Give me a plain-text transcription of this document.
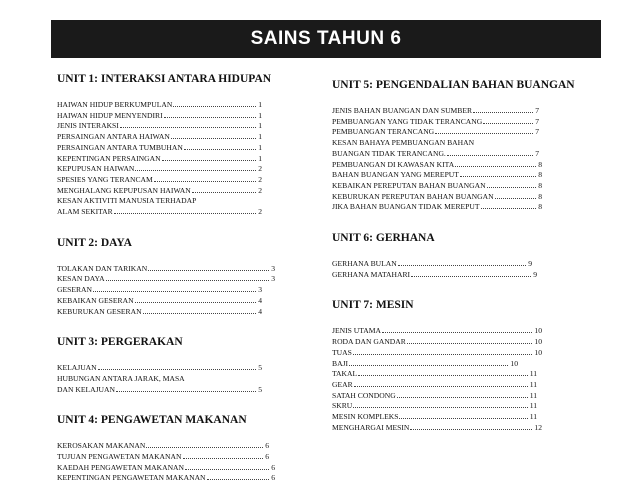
SAINS TAHUN 6
UNIT 1: INTERAKSI ANTARA HIDUPAN
HAIWAN HIDUP BERKUMPULAN	1
HAIWAN HIDUP MENYENDIRI	1
JENIS INTERAKSI	1
PERSAINGAN ANTARA HAIWAN	1
PERSAINGAN ANTARA TUMBUHAN	1
KEPENTINGAN PERSAINGAN	1
KEPUPUSAN HAIWAN	2
SPESIES YANG TERANCAM	2
MENGHALANG KEPUPUSAN HAIWAN	2
KESAN AKTIVITI MANUSIA TERHADAP
ALAM SEKITAR	2
UNIT 2: DAYA
TOLAKAN DAN TARIKAN	3
KESAN DAYA	3
GESERAN	3
KEBAIKAN GESERAN	4
KEBURUKAN GESERAN	4
UNIT 3: PERGERAKAN
KELAJUAN	5
HUBUNGAN ANTARA JARAK, MASA
DAN KELAJUAN	5
UNIT 4: PENGAWETAN MAKANAN
KEROSAKAN MAKANAN	6
TUJUAN PENGAWETAN MAKANAN	6
KAEDAH PENGAWETAN MAKANAN	6
KEPENTINGAN PENGAWETAN MAKANAN	6
UNIT 5: PENGENDALIAN BAHAN BUANGAN
JENIS BAHAN BUANGAN DAN SUMBER	7
PEMBUANGAN YANG TIDAK TERANCANG	7
PEMBUANGAN TERANCANG	7
KESAN BAHAYA PEMBUANGAN BAHAN
BUANGAN TIDAK TERANCANG.	7
PEMBUANGAN DI KAWASAN KITA	8
BAHAN BUANGAN YANG MEREPUT	8
KEBAIKAN PEREPUTAN BAHAN BUANGAN	8
KEBURUKAN PEREPUTAN BAHAN BUANGAN	8
JIKA BAHAN BUANGAN TIDAK MEREPUT	8
UNIT 6: GERHANA
GERHANA BULAN	9
GERHANA MATAHARI	9
UNIT 7: MESIN
JENIS UTAMA	10
RODA DAN GANDAR	10
TUAS	10
BAJI	10
TAKAL	11
GEAR	11
SATAH CONDONG	11
SKRU	11
MESIN KOMPLEKS	11
MENGHARGAI MESIN	12
